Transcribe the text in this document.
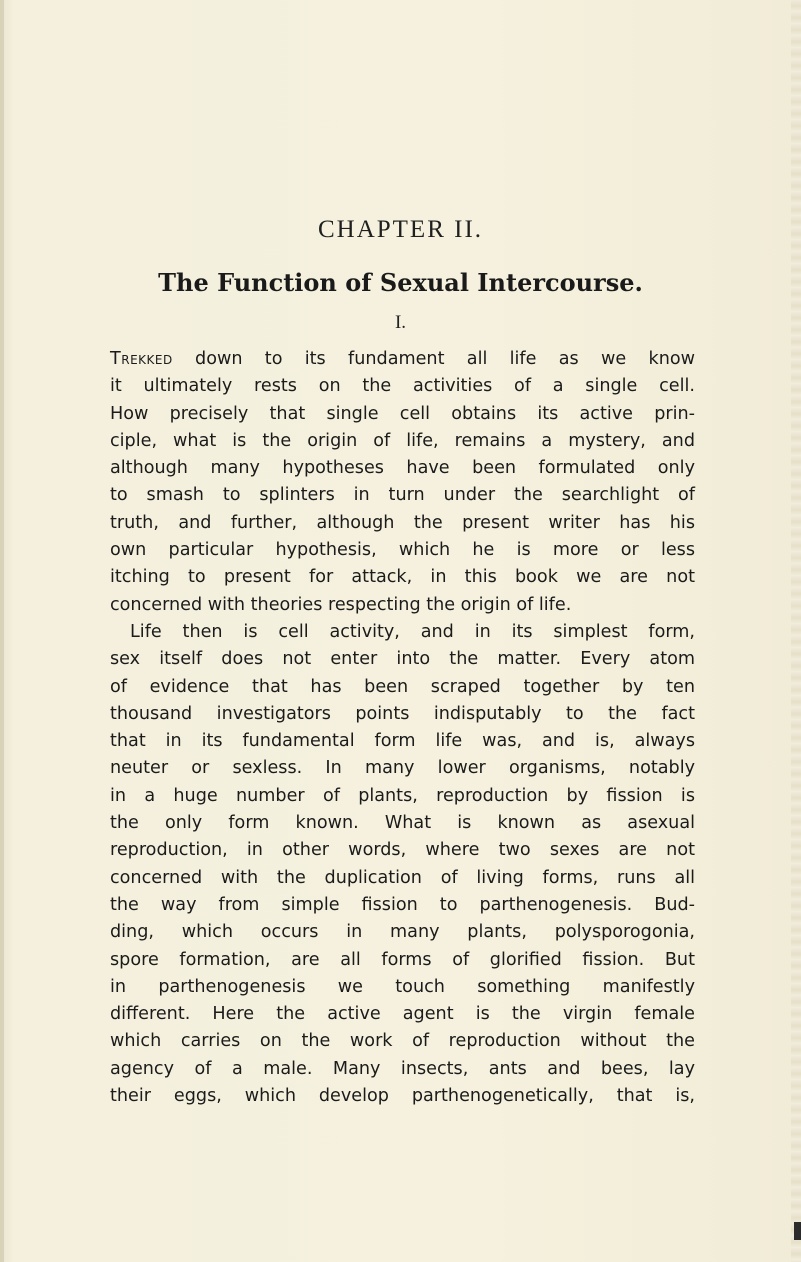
CHAPTER II.
The Function of Sexual Intercourse.
I.
Trekked down to its fundament all life as we know
it ultimately rests on the activities of a single cell.
How precisely that single cell obtains its active prin-
ciple, what is the origin of life, remains a mystery, and
although many hypotheses have been formulated only
to smash to splinters in turn under the searchlight of
truth, and further, although the present writer has his
own particular hypothesis, which he is more or less
itching to present for attack, in this book we are not
concerned with theories respecting the origin of life.
Life then is cell activity, and in its simplest form,
sex itself does not enter into the matter. Every atom
of evidence that has been scraped together by ten
thousand investigators points indisputably to the fact
that in its fundamental form life was, and is, always
neuter or sexless. In many lower organisms, notably
in a huge number of plants, reproduction by fission is
the only form known. What is known as asexual
reproduction, in other words, where two sexes are not
concerned with the duplication of living forms, runs all
the way from simple fission to parthenogenesis. Bud-
ding, which occurs in many plants, polysporogonia,
spore formation, are all forms of glorified fission. But
in parthenogenesis we touch something manifestly
different. Here the active agent is the virgin female
which carries on the work of reproduction without the
agency of a male. Many insects, ants and bees, lay
their eggs, which develop parthenogenetically, that is,
